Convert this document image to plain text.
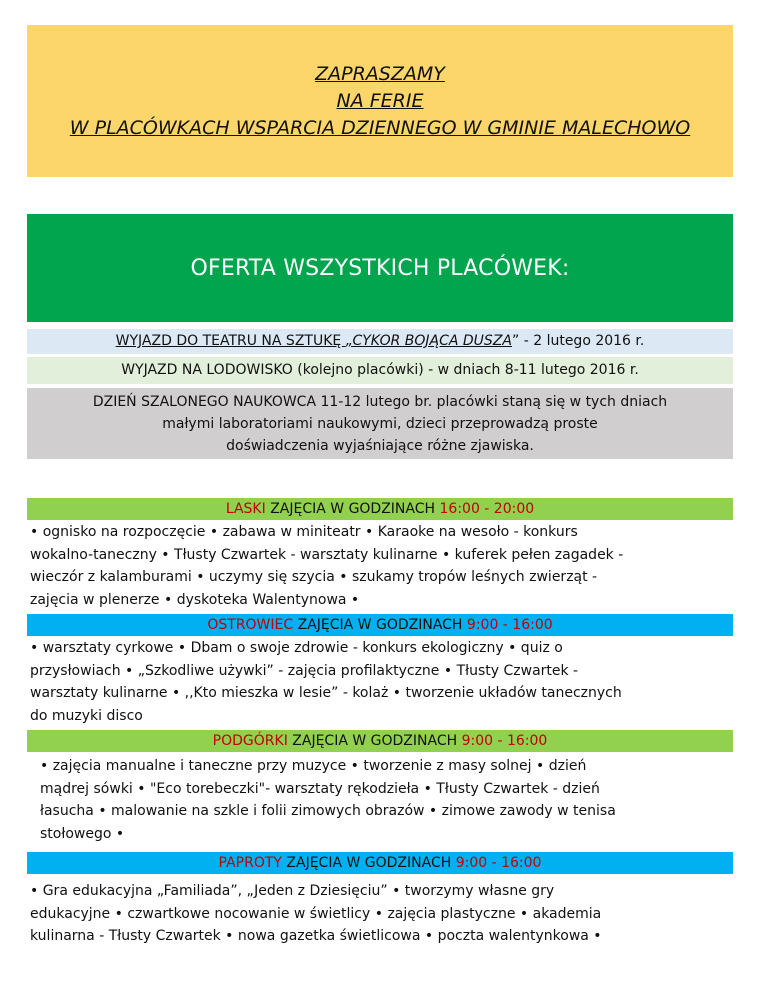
ZAPRASZAMY
NA FERIE
W PLACÓWKACH WSPARCIA DZIENNEGO W GMINIE MALECHOWO
OFERTA WSZYSTKICH PLACÓWEK:
WYJAZD DO TEATRU NA SZTUKĘ „CYKOR BOJĄCA DUSZA” - 2 lutego 2016 r.
WYJAZD NA LODOWISKO (kolejno placówki) - w dniach 8-11 lutego 2016 r.
DZIEŃ SZALONEGO NAUKOWCA 11-12 lutego br. placówki staną się w tych dniach
małymi laboratoriami naukowymi, dzieci przeprowadzą proste
doświadczenia wyjaśniające różne zjawiska.
LASKI ZAJĘCIA W GODZINACH 16:00 - 20:00
• ognisko na rozpoczęcie • zabawa w miniteatr • Karaoke na wesoło - konkurs
wokalno-taneczny • Tłusty Czwartek - warsztaty kulinarne • kuferek pełen zagadek -
wieczór z kalamburami • uczymy się szycia • szukamy tropów leśnych zwierząt -
zajęcia w plenerze • dyskoteka Walentynowa •
OSTROWIEC ZAJĘCIA W GODZINACH 9:00 - 16:00
• warsztaty cyrkowe • Dbam o swoje zdrowie - konkurs ekologiczny • quiz o
przysłowiach • „Szkodliwe używki” - zajęcia profilaktyczne • Tłusty Czwartek -
warsztaty kulinarne • ,,Kto mieszka w lesie” - kolaż • tworzenie układów tanecznych
do muzyki disco
PODGÓRKI ZAJĘCIA W GODZINACH 9:00 - 16:00
• zajęcia manualne i taneczne przy muzyce • tworzenie z masy solnej • dzień
mądrej sówki • "Eco torebeczki"- warsztaty rękodzieła • Tłusty Czwartek - dzień
łasucha • malowanie na szkle i folii zimowych obrazów • zimowe zawody w tenisa
stołowego •
PAPROTY ZAJĘCIA W GODZINACH 9:00 - 16:00
• Gra edukacyjna „Familiada”, „Jeden z Dziesięciu” • tworzymy własne gry
edukacyjne • czwartkowe nocowanie w świetlicy • zajęcia plastyczne • akademia
kulinarna - Tłusty Czwartek • nowa gazetka świetlicowa • poczta walentynkowa •
